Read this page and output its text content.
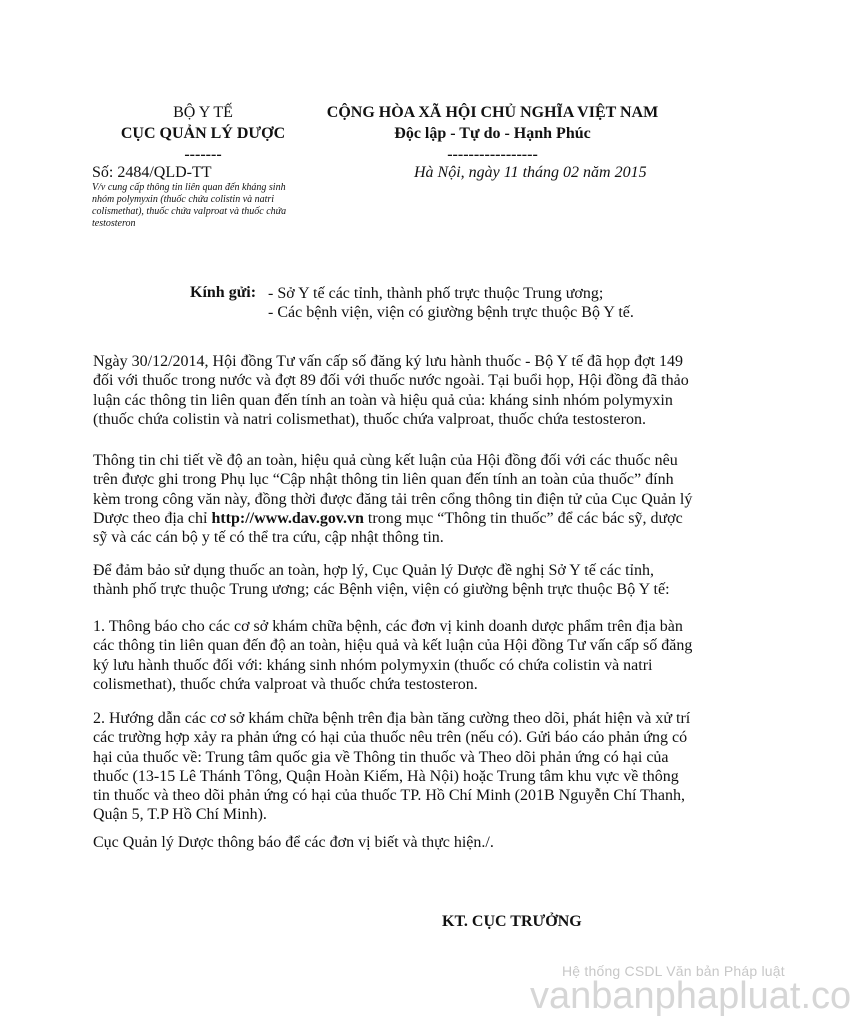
BỘ Y TẾ
CỤC QUẢN LÝ DƯỢC
-------
CỘNG HÒA XÃ HỘI CHỦ NGHĨA VIỆT NAM
Độc lập - Tự do - Hạnh Phúc
-----------------
Số: 2484/QLD-TT
V/v cung cấp thông tin liên quan đến kháng sinh nhóm polymyxin (thuốc chứa colistin và natri colismethat), thuốc chứa valproat và thuốc chứa testosteron
Hà Nội, ngày 11 tháng 02 năm 2015
Kính gửi: - Sở Y tế các tỉnh, thành phố trực thuộc Trung ương;
- Các bệnh viện, viện có giường bệnh trực thuộc Bộ Y tế.
Ngày 30/12/2014, Hội đồng Tư vấn cấp số đăng ký lưu hành thuốc - Bộ Y tế đã họp đợt 149 đối với thuốc trong nước và đợt 89 đối với thuốc nước ngoài. Tại buổi họp, Hội đồng đã thảo luận các thông tin liên quan đến tính an toàn và hiệu quả của: kháng sinh nhóm polymyxin (thuốc chứa colistin và natri colismethat), thuốc chứa valproat, thuốc chứa testosteron.
Thông tin chi tiết về độ an toàn, hiệu quả cùng kết luận của Hội đồng đối với các thuốc nêu trên được ghi trong Phụ lục “Cập nhật thông tin liên quan đến tính an toàn của thuốc” đính kèm trong công văn này, đồng thời được đăng tải trên cổng thông tin điện tử của Cục Quản lý Dược theo địa chỉ http://www.dav.gov.vn trong mục “Thông tin thuốc” để các bác sỹ, dược sỹ và các cán bộ y tế có thể tra cứu, cập nhật thông tin.
Để đảm bảo sử dụng thuốc an toàn, hợp lý, Cục Quản lý Dược đề nghị Sở Y tế các tỉnh, thành phố trực thuộc Trung ương; các Bệnh viện, viện có giường bệnh trực thuộc Bộ Y tế:
1. Thông báo cho các cơ sở khám chữa bệnh, các đơn vị kinh doanh dược phẩm trên địa bàn các thông tin liên quan đến độ an toàn, hiệu quả và kết luận của Hội đồng Tư vấn cấp số đăng ký lưu hành thuốc đối với: kháng sinh nhóm polymyxin (thuốc có chứa colistin và natri colismethat), thuốc chứa valproat và thuốc chứa testosteron.
2. Hướng dẫn các cơ sở khám chữa bệnh trên địa bàn tăng cường theo dõi, phát hiện và xử trí các trường hợp xảy ra phản ứng có hại của thuốc nêu trên (nếu có). Gửi báo cáo phản ứng có hại của thuốc về: Trung tâm quốc gia về Thông tin thuốc và Theo dõi phản ứng có hại của thuốc (13-15 Lê Thánh Tông, Quận Hoàn Kiếm, Hà Nội) hoặc Trung tâm khu vực về thông tin thuốc và theo dõi phản ứng có hại của thuốc TP. Hồ Chí Minh (201B Nguyễn Chí Thanh, Quận 5, T.P Hồ Chí Minh).
Cục Quản lý Dược thông báo để các đơn vị biết và thực hiện./.
KT. CỤC TRƯỞNG
Hệ thống CSDL Văn bản Pháp luật
vanbanphapluat.co
